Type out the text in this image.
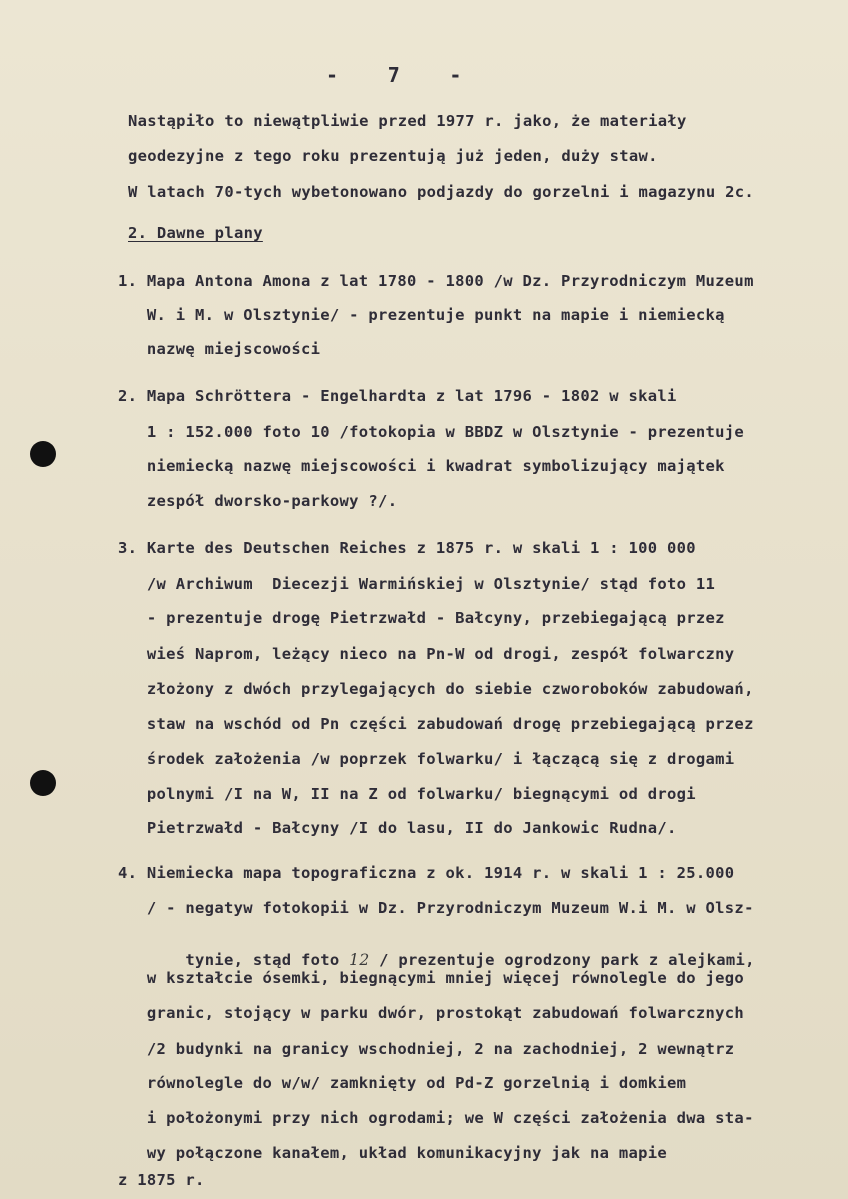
-    7    -
Nastąpiło to niewątpliwie przed 1977 r. jako, że materiały
geodezyjne z tego roku prezentują już jeden, duży staw.
W latach 70-tych wybetonowano podjazdy do gorzelni i magazynu 2c.
2. Dawne plany
1. Mapa Antona Amona z lat 1780 - 1800 /w Dz. Przyrodniczym Muzeum
W. i M. w Olsztynie/ - prezentuje punkt na mapie i niemiecką
nazwę miejscowości
2. Mapa Schröttera - Engelhardta z lat 1796 - 1802 w skali
1 : 152.000 foto 10 /fotokopia w BBDZ w Olsztynie - prezentuje
niemiecką nazwę miejscowości i kwadrat symbolizujący majątek
zespół dworsko-parkowy ?/.
3. Karte des Deutschen Reiches z 1875 r. w skali 1 : 100 000
/w Archiwum  Diecezji Warmińskiej w Olsztynie/ stąd foto 11
- prezentuje drogę Pietrzwałd - Bałcyny, przebiegającą przez
wieś Naprom, leżący nieco na Pn-W od drogi, zespół folwarczny
złożony z dwóch przylegających do siebie czworoboków zabudowań,
staw na wschód od Pn części zabudowań drogę przebiegającą przez
środek założenia /w poprzek folwarku/ i łączącą się z drogami
polnymi /I na W, II na Z od folwarku/ biegnącymi od drogi
Pietrzwałd - Bałcyny /I do lasu, II do Jankowic Rudna/.
4. Niemiecka mapa topograficzna z ok. 1914 r. w skali 1 : 25.000
/ - negatyw fotokopii w Dz. Przyrodniczym Muzeum W.i M. w Olsz-

tynie, stąd foto 12 / prezentuje ogrodzony park z alejkami,

w kształcie ósemki, biegnącymi mniej więcej równolegle do jego
granic, stojący w parku dwór, prostokąt zabudowań folwarcznych
/2 budynki na granicy wschodniej, 2 na zachodniej, 2 wewnątrz
równolegle do w/w/ zamknięty od Pd-Z gorzelnią i domkiem
i położonymi przy nich ogrodami; we W części założenia dwa sta-
wy połączone kanałem, układ komunikacyjny jak na mapie
z 1875 r.
